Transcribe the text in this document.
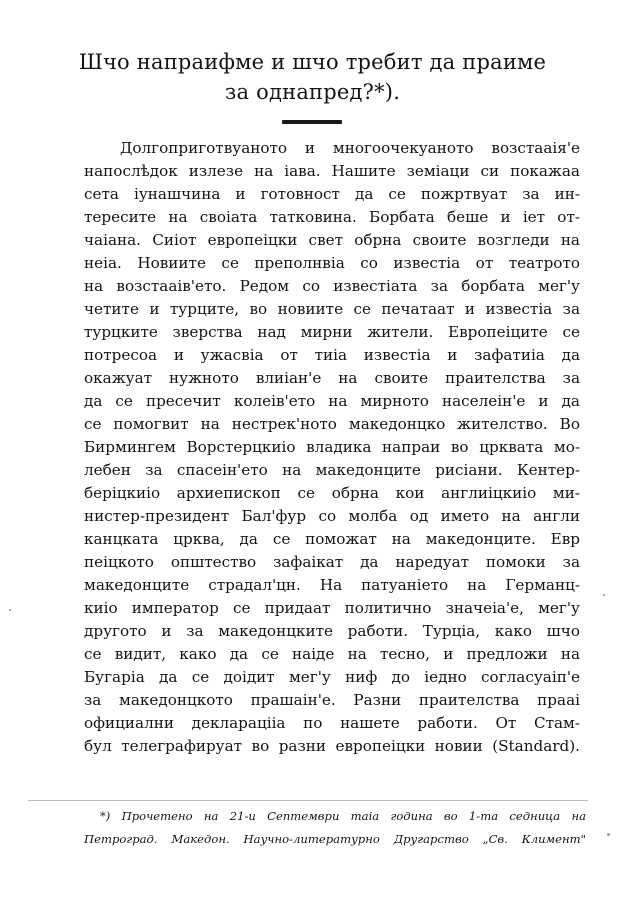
Шчо напраифме и шчо требит да праиме
за однапред?*).
Долгоприготвуаното и многоочекуаното возстааія'е
напослѣдок излезе на іава. Нашите земіаци си покажаа
сета іунашчина и готовност да се пожртвуат за ин-
тересите на своіата татковина. Борбата беше и іет от-
чаіана. Сиіот европеіцки свет обрна своите возгледи на
неіа. Новиите се преполнвіа со известіа от театрото
на возстааів'ето. Редом со известіата за борбата мег'у
четите и турците, во новиите се печатаат и известіа за
турцките зверства над мирни жители. Европеіците се
потресоа и ужасвіа от тиіа известіа и зафатиіа да
окажуат нужното влиіан'е на своите праителства за
да се пресечит колеів'ето на мирното населеін'е и да
се помогвит на нестрек'ното македонцко жителство. Во
Бирмингем Ворстерцкиіо владика напраи во црквата мо-
лебен за спасеін'ето на македонците рисіани. Кентер-
беріцкиіо архиепископ се обрна кои англиіцкиіо ми-
нистер-президент Бал'фур со молба од името на англи
канцката црква, да се поможат на македонците. Евр
пеіцкото општество зафаікат да наредуат помоки за
македонците страдал'цн. На патуаніето на Германц-
киіо император се придаат политично значеіа'е, мег'у
другото и за македонцките работи. Турціа, како шчо
се видит, како да се наіде на тесно, и предложи на
Бугаріа да се доідит мег'у ниф до іедно согласуаіп'е
за македонцкото прашаін'е. Разни праителства прааі
официални декларацііа по нашете работи. От Стам-
бул телеграфируат во разни европеіцки новии (Standard).
*) Прочетено на 21-и Септември таіа година во 1-та седница на
Петроград. Македон. Научно-литературно Другарство „Св. Климент"
